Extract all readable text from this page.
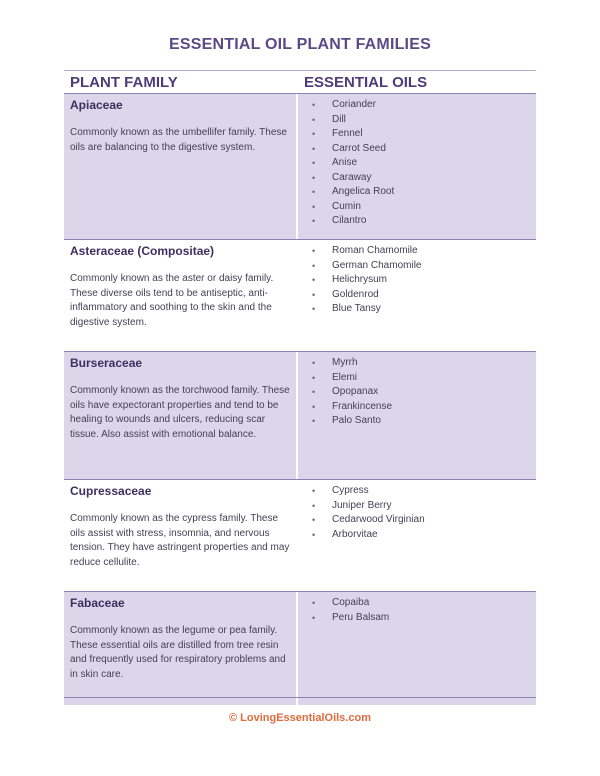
ESSENTIAL OIL PLANT FAMILIES
PLANT FAMILY	ESSENTIAL OILS
Apiaceae
Commonly known as the umbellifer family. These oils are balancing to the digestive system.
• Coriander
• Dill
• Fennel
• Carrot Seed
• Anise
• Caraway
• Angelica Root
• Cumin
• Cilantro
Asteraceae (Compositae)
Commonly known as the aster or daisy family. These diverse oils tend to be antiseptic, anti-inflammatory and soothing to the skin and the digestive system.
• Roman Chamomile
• German Chamomile
• Helichrysum
• Goldenrod
• Blue Tansy
Burseraceae
Commonly known as the torchwood family. These oils have expectorant properties and tend to be healing to wounds and ulcers, reducing scar tissue. Also assist with emotional balance.
• Myrrh
• Elemi
• Opopanax
• Frankincense
• Palo Santo
Cupressaceae
Commonly known as the cypress family. These oils assist with stress, insomnia, and nervous tension. They have astringent properties and may reduce cellulite.
• Cypress
• Juniper Berry
• Cedarwood Virginian
• Arborvitae
Fabaceae
Commonly known as the legume or pea family. These essential oils are distilled from tree resin and frequently used for respiratory problems and in skin care.
• Copaiba
• Peru Balsam
© LovingEssentialOils.com
